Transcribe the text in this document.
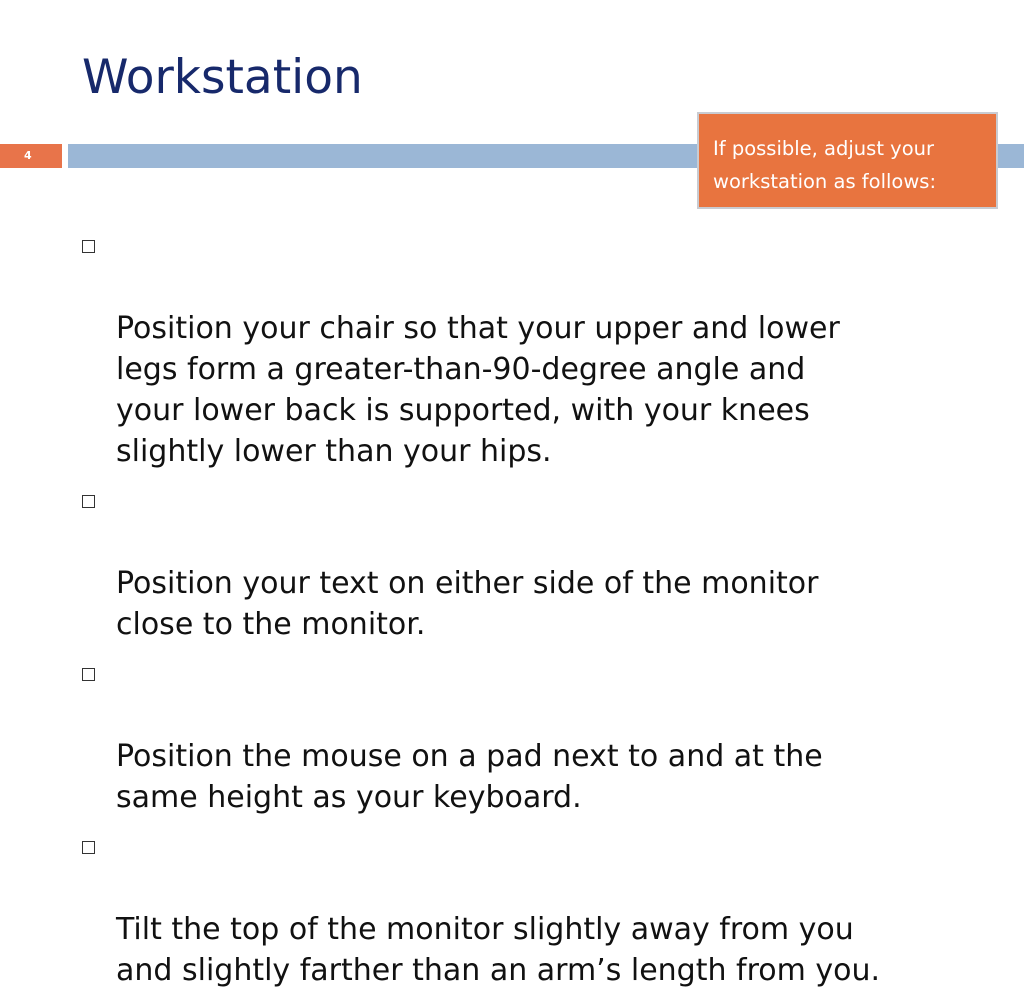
Workstation
4	If possible, adjust your
workstation as follows:

Position your chair so that your upper and lower
legs form a greater-than-90-degree angle and
your lower back is supported, with your knees
slightly lower than your hips.

Position your text on either side of the monitor
close to the monitor.

Position the mouse on a pad next to and at the
same height as your keyboard.

Tilt the top of the monitor slightly away from you
and slightly farther than an arm’s length from you.
